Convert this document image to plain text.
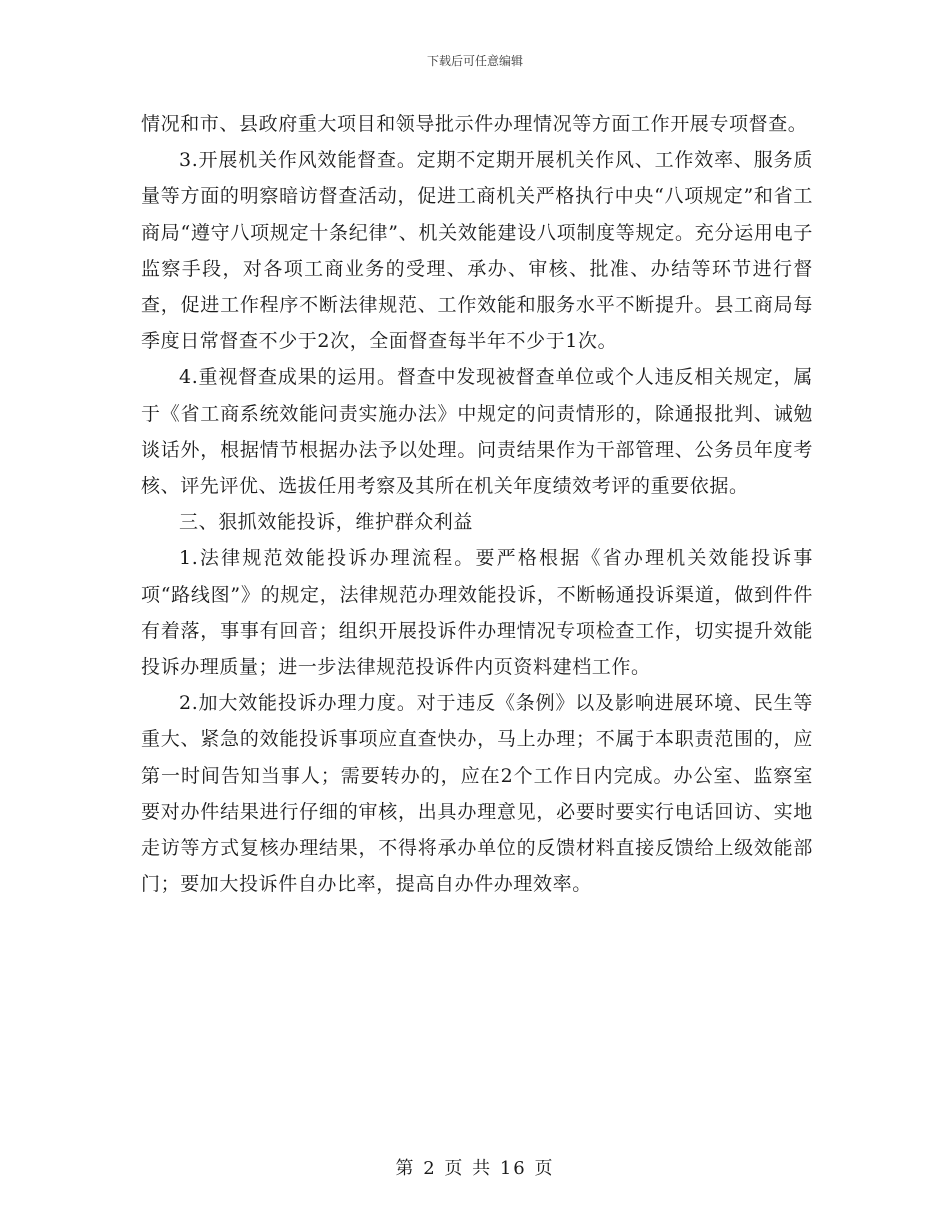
下载后可任意编辑

情况和市、县政府重大项目和领导批示件办理情况等方面工作开展专项督查。

3.开展机关作风效能督查。定期不定期开展机关作风、工作效率、服务质量等方面的明察暗访督查活动，促进工商机关严格执行中央“八项规定”和省工商局“遵守八项规定十条纪律”、机关效能建设八项制度等规定。充分运用电子监察手段，对各项工商业务的受理、承办、审核、批准、办结等环节进行督查，促进工作程序不断法律规范、工作效能和服务水平不断提升。县工商局每季度日常督查不少于2次，全面督查每半年不少于1次。

4.重视督查成果的运用。督查中发现被督查单位或个人违反相关规定，属于《省工商系统效能问责实施办法》中规定的问责情形的，除通报批判、诫勉谈话外，根据情节根据办法予以处理。问责结果作为干部管理、公务员年度考核、评先评优、选拔任用考察及其所在机关年度绩效考评的重要依据。

三、狠抓效能投诉，维护群众利益

1.法律规范效能投诉办理流程。要严格根据《省办理机关效能投诉事项“路线图”》的规定，法律规范办理效能投诉，不断畅通投诉渠道，做到件件有着落，事事有回音；组织开展投诉件办理情况专项检查工作，切实提升效能投诉办理质量；进一步法律规范投诉件内页资料建档工作。

2.加大效能投诉办理力度。对于违反《条例》以及影响进展环境、民生等重大、紧急的效能投诉事项应直查快办，马上办理；不属于本职责范围的，应第一时间告知当事人；需要转办的，应在2个工作日内完成。办公室、监察室要对办件结果进行仔细的审核，出具办理意见，必要时要实行电话回访、实地走访等方式复核办理结果，不得将承办单位的反馈材料直接反馈给上级效能部门；要加大投诉件自办比率，提高自办件办理效率。

第 2 页 共 16 页
